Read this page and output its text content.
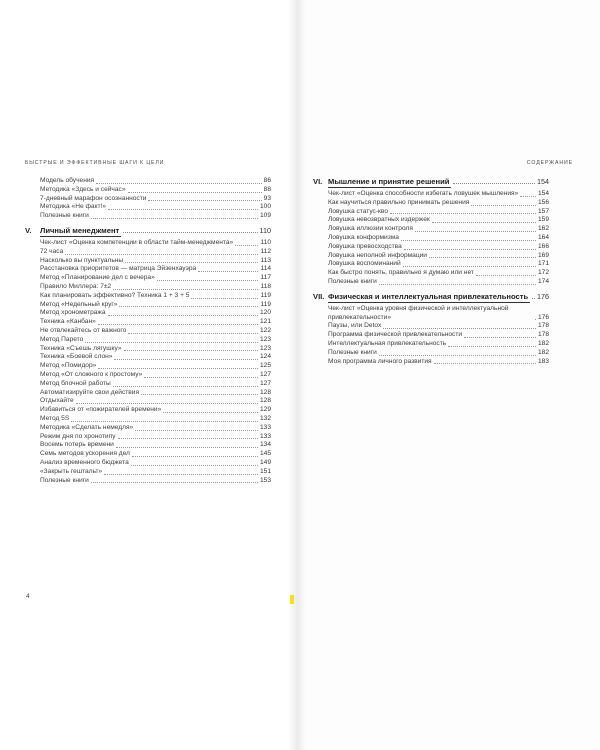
БЫСТРЫЕ И ЭФФЕКТИВНЫЕ ШАГИ К ЦЕЛИ	СОДЕРЖАНИЕ
Модель обучения	86
Методика «Здесь и сейчас»	88
7-дневный марафон осознанности	93
Методика «Не факт!»	100
Полезные книги	109
V.	Личный менеджмент	110
Чек-лист «Оценка компетенции в области тайм-менеджмента»	110
72 часа	112
Насколько вы пунктуальны	113
Расстановка приоритетов — матрица Эйзенхауэра	114
Метод «Планирование дел с вечера»	117
Правило Миллера: 7±2	118
Как планировать эффективно? Техника 1 + 3 + 5	119
Метод «Недельный круг»	119
Метод хронометража	120
Техника «Канбан»	121
Не отвлекайтесь от важного	122
Метод Парето	123
Техника «Съешь лягушку»	123
Техника «Боевой слон»	124
Метод «Помидор»	125
Метод «От сложного к простому»	127
Метод блочной работы	127
Автоматизируйте свои действия	128
Отдыхайте	128
Избавиться от «пожирателей времени»	129
Метод 5S	132
Методика «Сделать немедля»	133
Режим дня по хронотипу	133
Восемь потерь времени	134
Семь методов ускорения дел	145
Анализ временного бюджета	149
«Закрыть гештальт»	151
Полезные книги	153
VI. Мышление и принятие решений	154
Чек-лист «Оценка способности избегать ловушек мышления»	154
Как научиться правильно принимать решения	156
Ловушка статус-кво	157
Ловушка невозвратных издержек	159
Ловушка иллюзии контроля	162
Ловушка конформизма	164
Ловушка превосходства	166
Ловушка неполной информации	169
Ловушка воспоминаний	171
Как быстро понять, правильно я думаю или нет	172
Полезные книги	174
VII. Физическая и интеллектуальная привлекательность 176
Чек-лист «Оценка уровня физической и интеллектуальной привлекательности»	176
Паузы, или Detox	178
Программа физической привлекательности	178
Интеллектуальная привлекательность	182
Полезные книги	182
Моя программа личного развития	183
4
